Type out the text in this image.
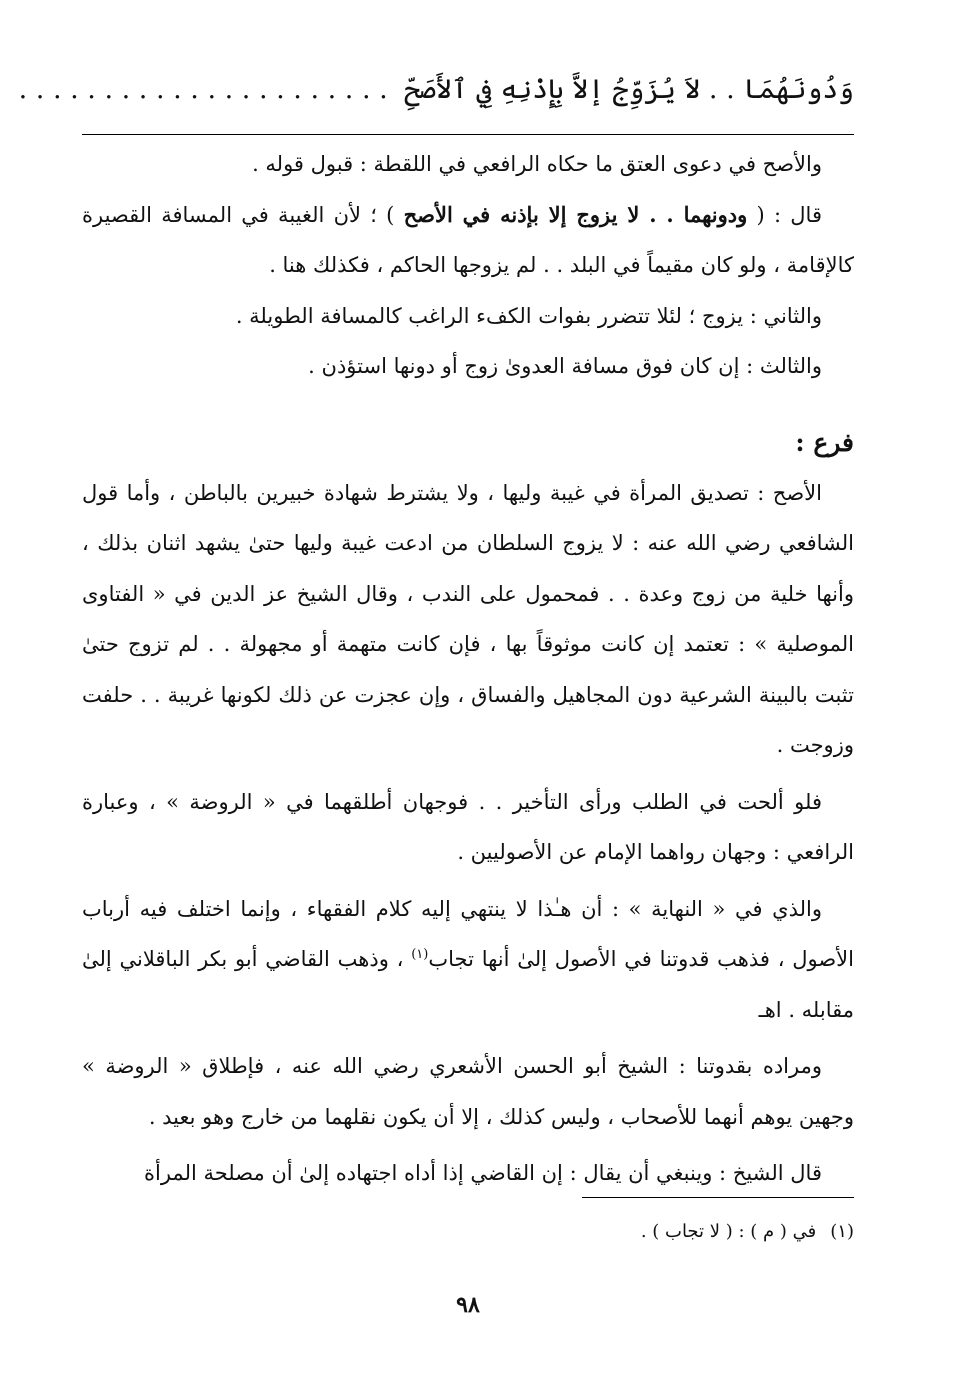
وَدُونَهُمَا . . لاَ يُزَوِّجُ إلاَّ بِإِذْنِهِ فِي ٱلأَصَحِّ . . . . . . . . . . . . . . . . . . . . . .

والأصح في دعوى العتق ما حكاه الرافعي في اللقطة : قبول قوله .

قال : ( ودونهما . . لا يزوج إلا بإذنه في الأصح ) ؛ لأن الغيبة في المسافة القصيرة كالإقامة ، ولو كان مقيماً في البلد . . لم يزوجها الحاكم ، فكذلك هنا .

والثاني : يزوج ؛ لئلا تتضرر بفوات الكفء الراغب كالمسافة الطويلة .

والثالث : إن كان فوق مسافة العدوىٰ زوج أو دونها استؤذن .

فرع :

الأصح : تصديق المرأة في غيبة وليها ، ولا يشترط شهادة خبيرين بالباطن ، وأما قول الشافعي رضي الله عنه : لا يزوج السلطان من ادعت غيبة وليها حتىٰ يشهد اثنان بذلك ، وأنها خلية من زوج وعدة . . فمحمول على الندب ، وقال الشيخ عز الدين في « الفتاوى الموصلية » : تعتمد إن كانت موثوقاً بها ، فإن كانت متهمة أو مجهولة . . لم تزوج حتىٰ تثبت بالبينة الشرعية دون المجاهيل والفساق ، وإن عجزت عن ذلك لكونها غريبة . . حلفت وزوجت .

فلو ألحت في الطلب ورأى التأخير . . فوجهان أطلقهما في « الروضة » ، وعبارة الرافعي : وجهان رواهما الإمام عن الأصوليين .

والذي في « النهاية » : أن هـٰذا لا ينتهي إليه كلام الفقهاء ، وإنما اختلف فيه أرباب الأصول ، فذهب قدوتنا في الأصول إلىٰ أنها تجاب$^{(١)}$ ، وذهب القاضي أبو بكر الباقلاني إلىٰ مقابله . اهـ

ومراده بقدوتنا : الشيخ أبو الحسن الأشعري رضي الله عنه ، فإطلاق « الروضة » وجهين يوهم أنهما للأصحاب ، وليس كذلك ، إلا أن يكون نقلهما من خارج وهو بعيد .

قال الشيخ : وينبغي أن يقال : إن القاضي إذا أداه اجتهاده إلىٰ أن مصلحة المرأة

(١)في ( م ) : ( لا تجاب ) .
٩٨
